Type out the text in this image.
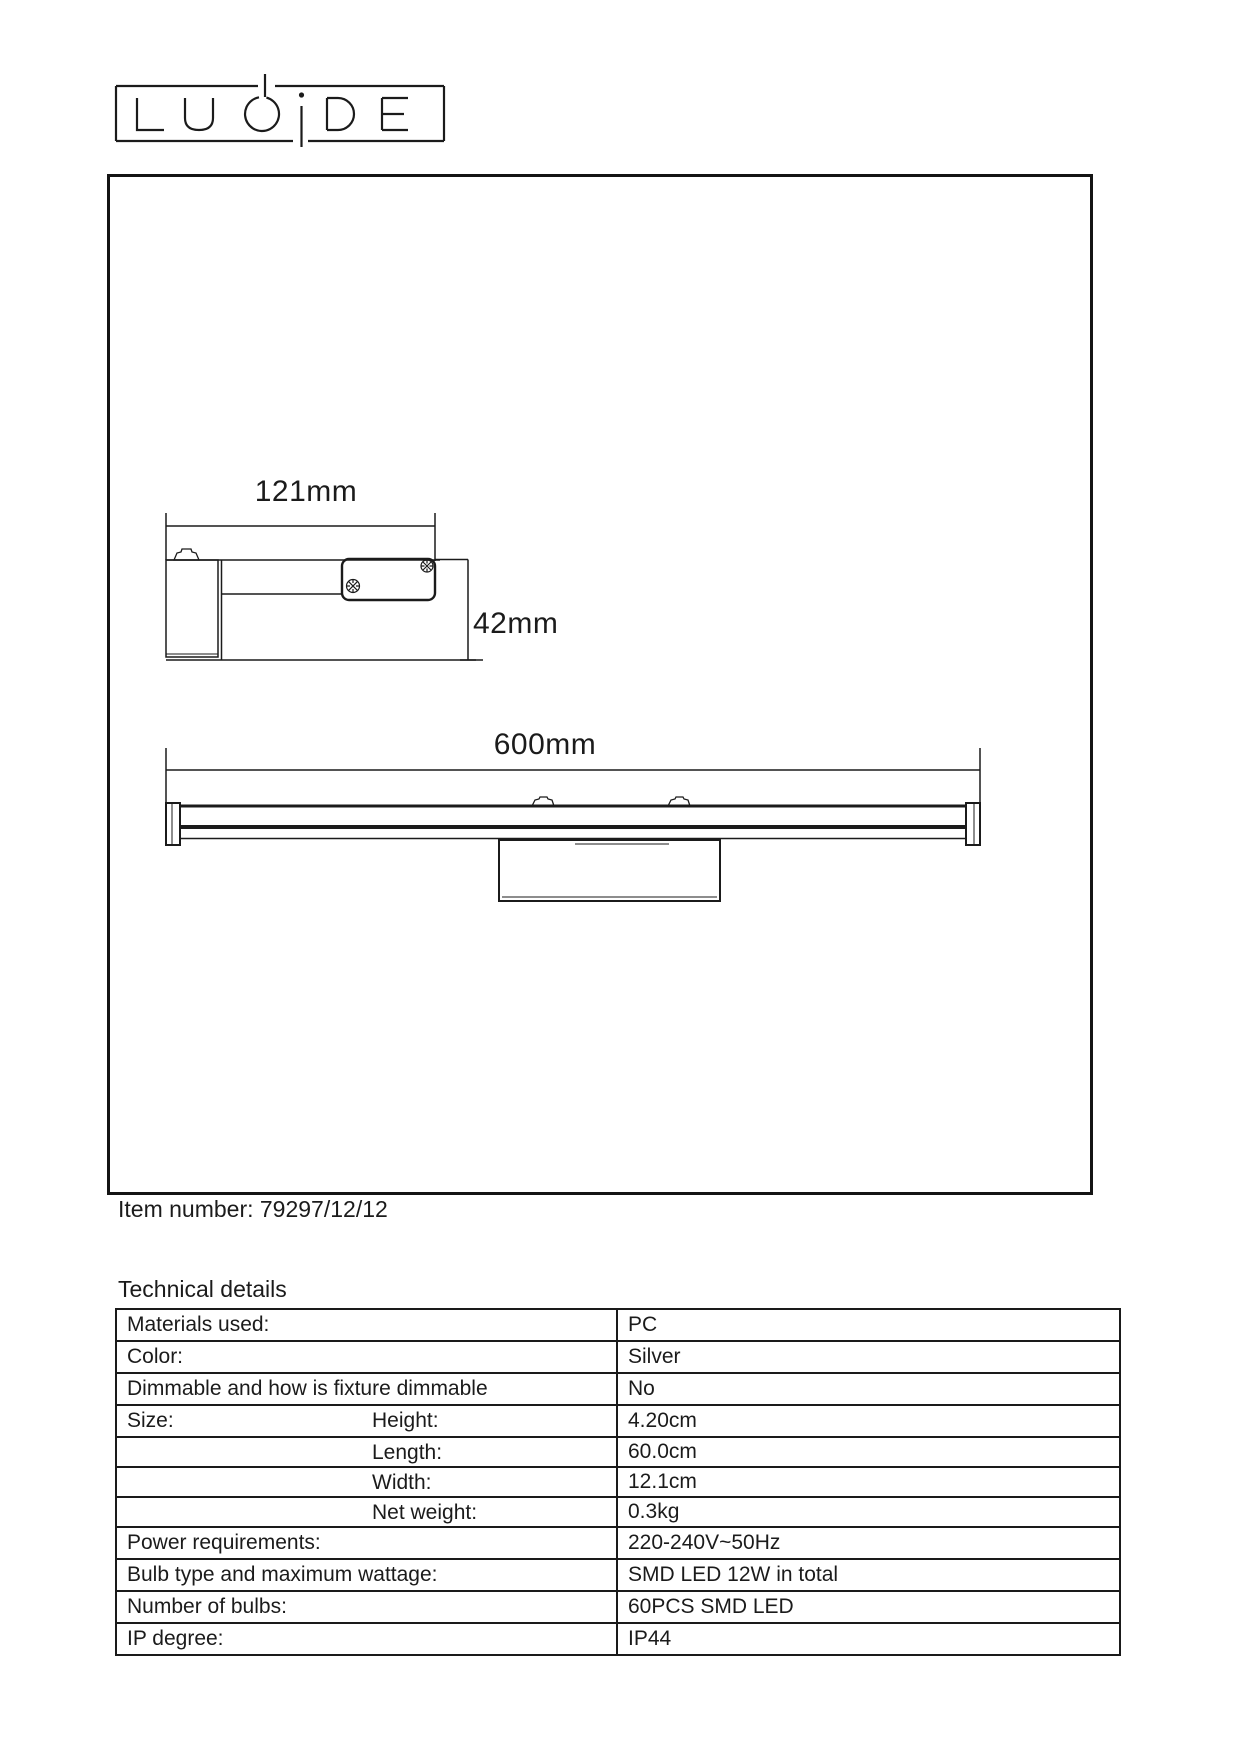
121mm
42mm
600mm
Item number: 79297/12/12
Technical details
Materials used:	PC
Color:	Silver
Dimmable and how is fixture dimmable	No
Size: Height:	4.20cm

Length:	60.0cm

Width:	12.1cm

Net weight:	0.3kg
Power requirements:	220-240V~50Hz
Bulb type and maximum wattage:	SMD LED 12W in total
Number of bulbs:	60PCS SMD LED
IP degree:	IP44
